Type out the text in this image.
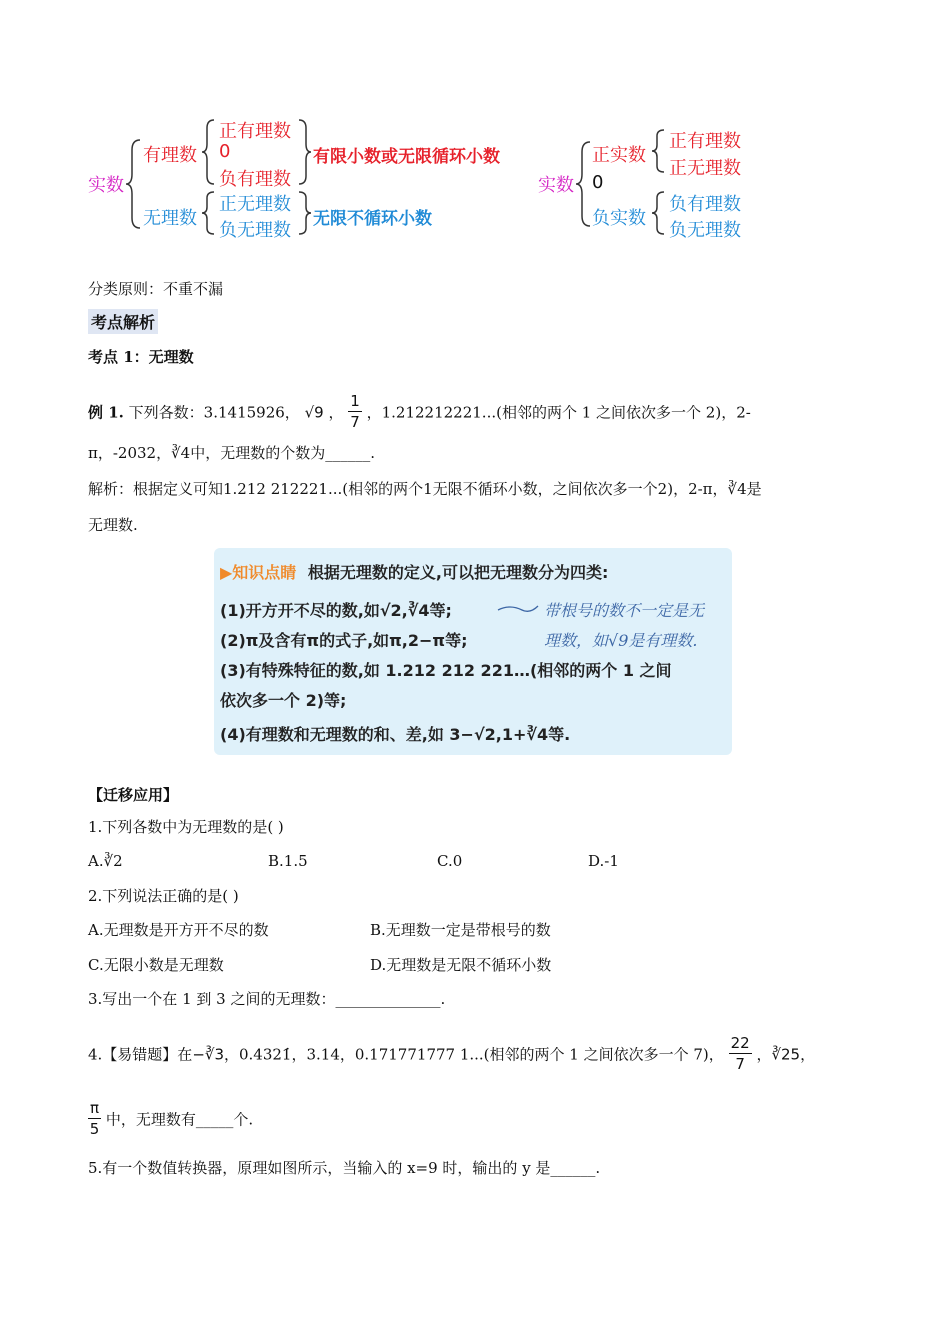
实数
有理数
正有理数
0
负有理数
有限小数或无限循环小数
无理数
正无理数
负无理数
无限不循环小数
实数
正实数
正有理数
正无理数
0
负实数
负有理数
负无理数
分类原则：不重不漏
考点解析
考点 1：无理数
例 1. 下列各数：3.1415926， √9 ， $\frac{1}{7}$ ，1.212212221...(相邻的两个 1 之间依次多一个 2)，2-
π，-2032，∛4中，无理数的个数为______.
解析：根据定义可知1.212 212221...(相邻的两个1无限不循环小数，之间依次多一个2)，2-π，∛4是
无理数.
▶知识点睛 根据无理数的定义,可以把无理数分为四类:
(1)开方开不尽的数,如√2,∛4等;
(2)π及含有π的式子,如π,2−π等;
(3)有特殊特征的数,如 1.212 212 221…(相邻的两个 1 之间
依次多一个 2)等;
(4)有理数和无理数的和、差,如 3−√2,1+∛4等.
带根号的数不一定是无
理数，如√9是有理数.
【迁移应用】
1.下列各数中为无理数的是( )
A.∛2	B.1.5	C.0	D.-1
2.下列说法正确的是( )
A.无理数是开方开不尽的数	B.无理数一定是带根号的数
C.无限小数是无理数	D.无理数是无限不循环小数
3.写出一个在 1 到 3 之间的无理数：______________.
4.【易错题】在−∛3，0.4321̇，3.14，0.171771777 1...(相邻的两个 1 之间依次多一个 7)， $\frac{22}{7}$ ，∛25，
$\frac{\pi}{5}$ 中，无理数有_____个.
5.有一个数值转换器，原理如图所示，当输入的 x=9 时，输出的 y 是______.
